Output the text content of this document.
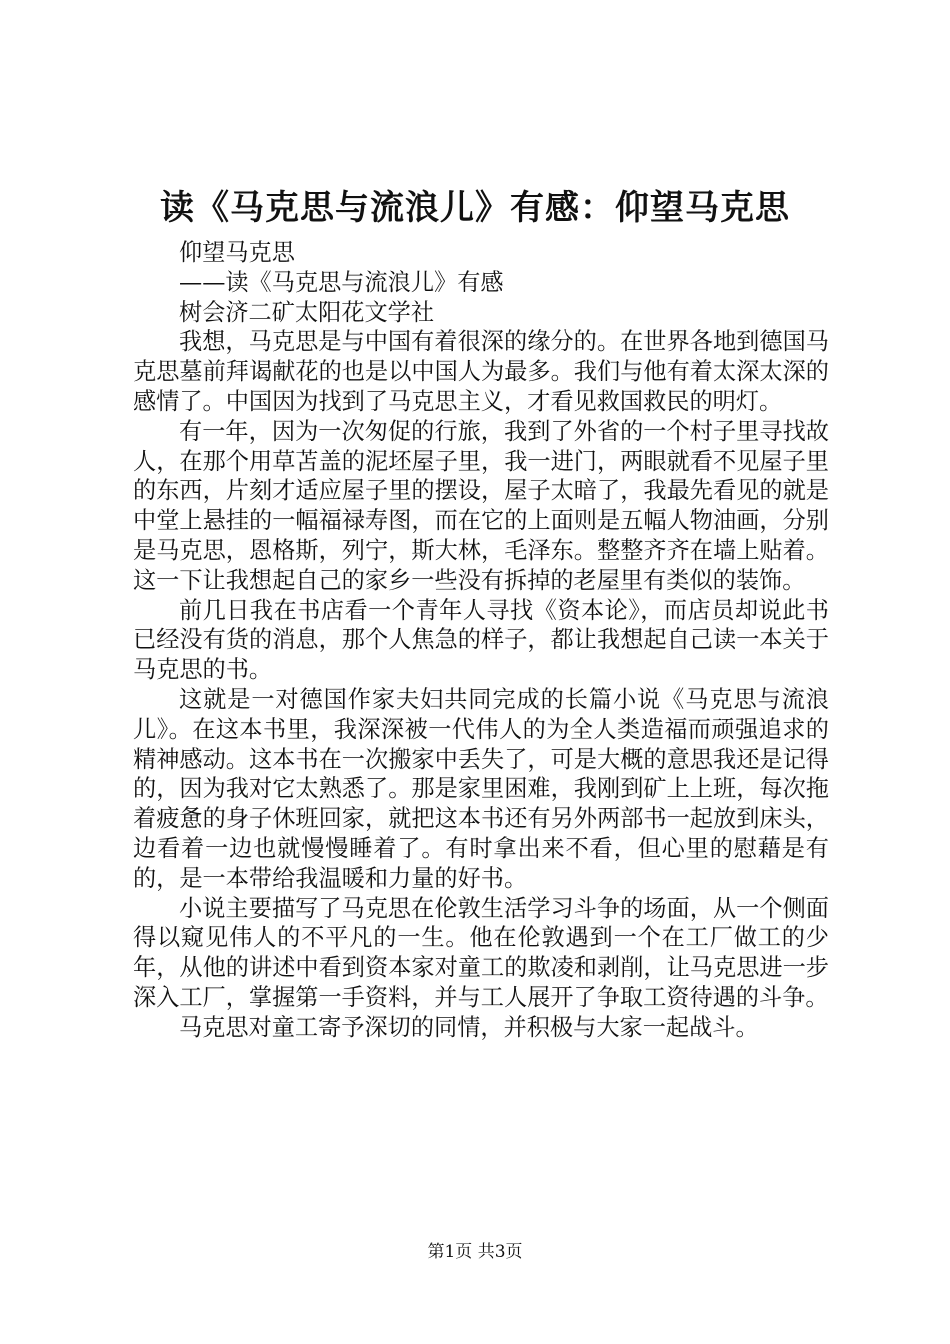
读《马克思与流浪儿》有感：仰望马克思

仰望马克思

——读《马克思与流浪儿》有感

树会济二矿太阳花文学社

我想，马克思是与中国有着很深的缘分的。在世界各地到德国马克思墓前拜谒献花的也是以中国人为最多。我们与他有着太深太深的感情了。中国因为找到了马克思主义，才看见救国救民的明灯。

有一年，因为一次匆促的行旅，我到了外省的一个村子里寻找故人，在那个用草苫盖的泥坯屋子里，我一进门，两眼就看不见屋子里的东西，片刻才适应屋子里的摆设，屋子太暗了，我最先看见的就是中堂上悬挂的一幅福禄寿图，而在它的上面则是五幅人物油画，分别是马克思，恩格斯，列宁，斯大林，毛泽东。整整齐齐在墙上贴着。这一下让我想起自己的家乡一些没有拆掉的老屋里有类似的装饰。

前几日我在书店看一个青年人寻找《资本论》，而店员却说此书已经没有货的消息，那个人焦急的样子，都让我想起自己读一本关于马克思的书。

这就是一对德国作家夫妇共同完成的长篇小说《马克思与流浪儿》。在这本书里，我深深被一代伟人的为全人类造福而顽强追求的精神感动。这本书在一次搬家中丢失了，可是大概的意思我还是记得的，因为我对它太熟悉了。那是家里困难，我刚到矿上上班，每次拖着疲惫的身子休班回家，就把这本书还有另外两部书一起放到床头，边看着一边也就慢慢睡着了。有时拿出来不看，但心里的慰藉是有的，是一本带给我温暖和力量的好书。

小说主要描写了马克思在伦敦生活学习斗争的场面，从一个侧面得以窥见伟人的不平凡的一生。他在伦敦遇到一个在工厂做工的少年，从他的讲述中看到资本家对童工的欺凌和剥削，让马克思进一步深入工厂，掌握第一手资料，并与工人展开了争取工资待遇的斗争。

马克思对童工寄予深切的同情，并积极与大家一起战斗。

第1页 共3页
